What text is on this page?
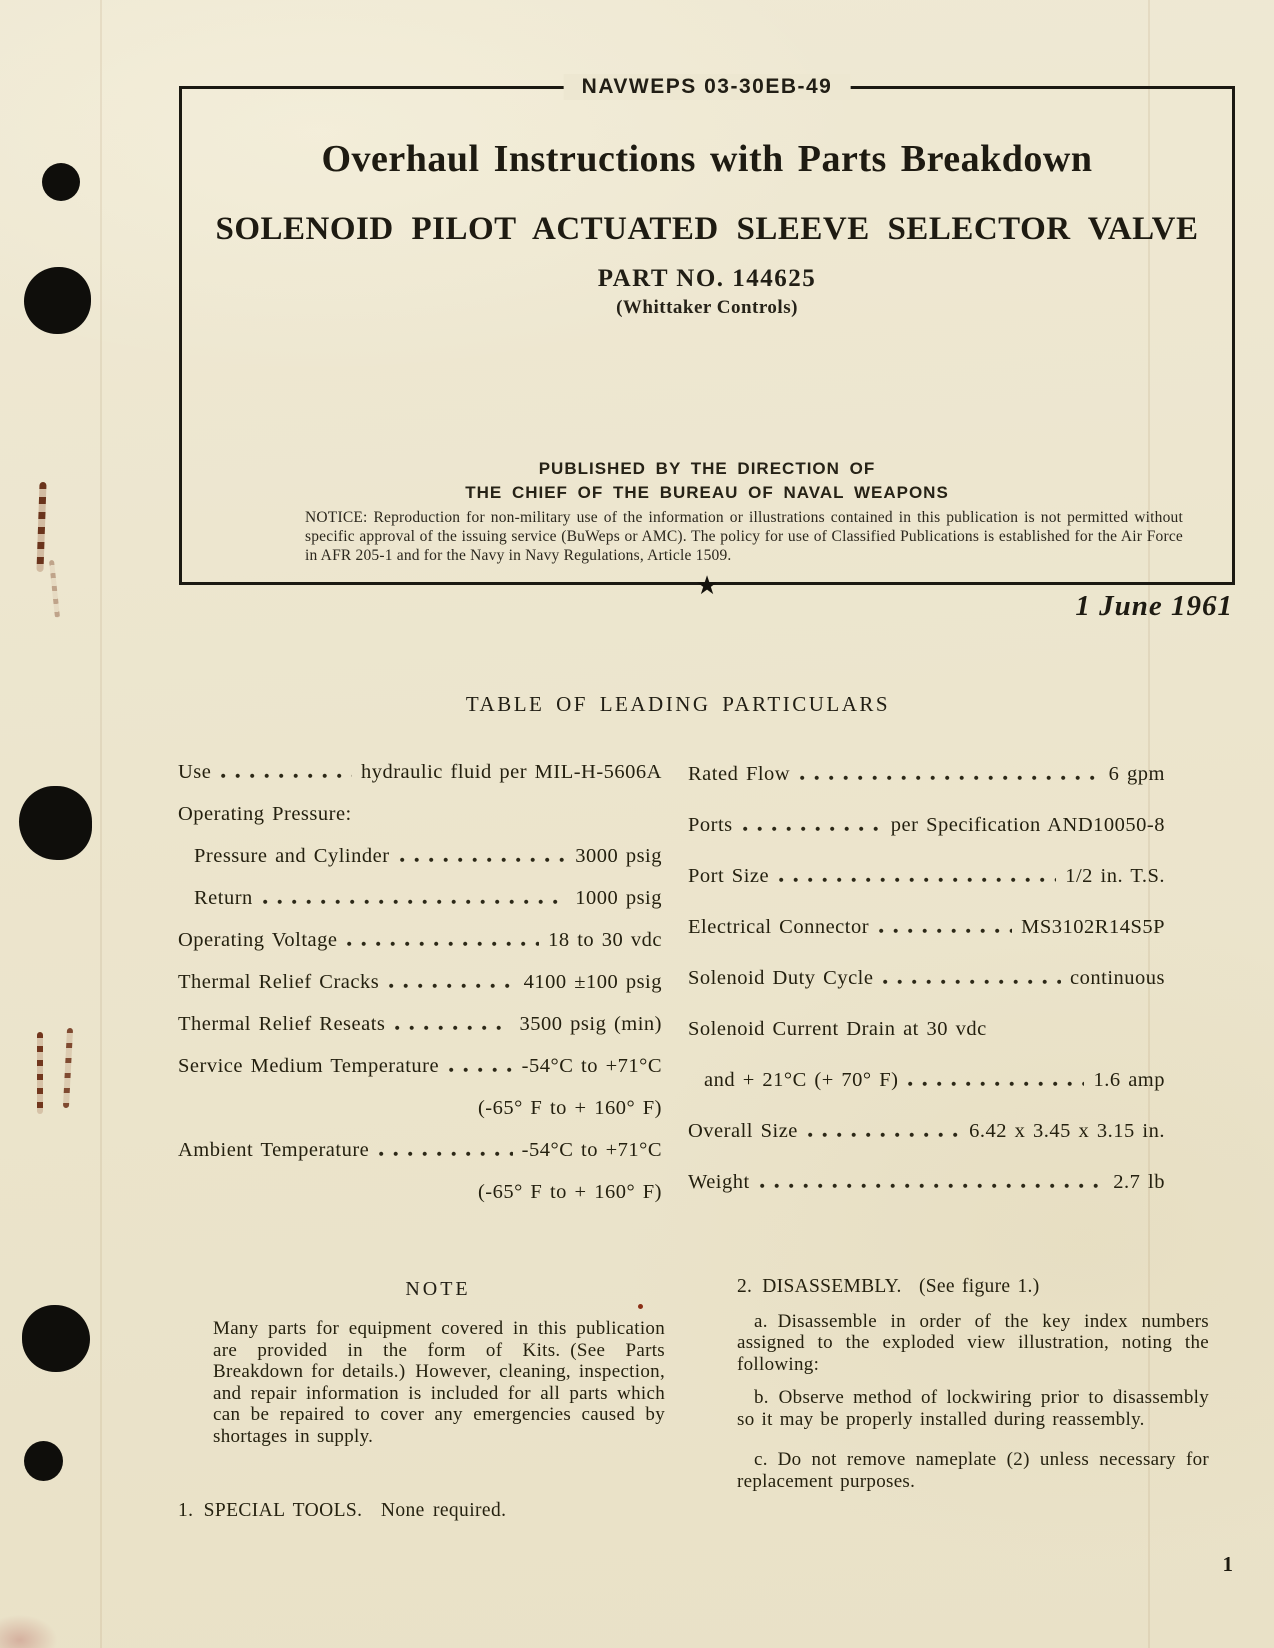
NAVWEPS 03-30EB-49
Overhaul Instructions with Parts Breakdown
SOLENOID PILOT ACTUATED SLEEVE SELECTOR VALVE
PART NO. 144625
(Whittaker Controls)
PUBLISHED BY THE DIRECTION OF
THE CHIEF OF THE BUREAU OF NAVAL WEAPONS

NOTICE: Reproduction for non-military use of the information or illustrations contained in this publication is not permitted without specific approval of the issuing service (BuWeps or AMC). The policy for use of Classified Publications is established for the Air Force in AFR 205-1 and for the Navy in Navy Regulations, Article 1509.

★
1 June 1961
TABLE OF LEADING PARTICULARS
Use	hydraulic fluid per MIL-H-5606A
Operating Pressure:
Pressure and Cylinder	3000 psig
Return	1000 psig
Operating Voltage	18 to 30 vdc
Thermal Relief Cracks	4100 ±100 psig
Thermal Relief Reseats	3500 psig (min)
Service Medium Temperature	-54°C to +71°C
(-65° F to + 160° F)
Ambient Temperature	-54°C to +71°C
(-65° F to + 160° F)
Rated Flow	6 gpm
Ports	per Specification AND10050-8
Port Size	1/2 in. T.S.
Electrical Connector	MS3102R14S5P
Solenoid Duty Cycle	continuous
Solenoid Current Drain at 30 vdc
and + 21°C (+ 70° F)	1.6 amp
Overall Size	6.42 x 3.45 x 3.15 in.
Weight	2.7 lb
NOTE

Many parts for equipment covered in this publication are provided in the form of Kits. (See Parts Breakdown for details.) However, cleaning, inspection, and repair information is included for all parts which can be repaired to cover any emergencies caused by shortages in supply.

1. SPECIAL TOOLS.  None required.
2. DISASSEMBLY.  (See figure 1.)

a. Disassemble in order of the key index numbers assigned to the exploded view illustration, noting the following:

b. Observe method of lockwiring prior to disassembly so it may be properly installed during reassembly.

c. Do not remove nameplate (2) unless necessary for replacement purposes.

1
